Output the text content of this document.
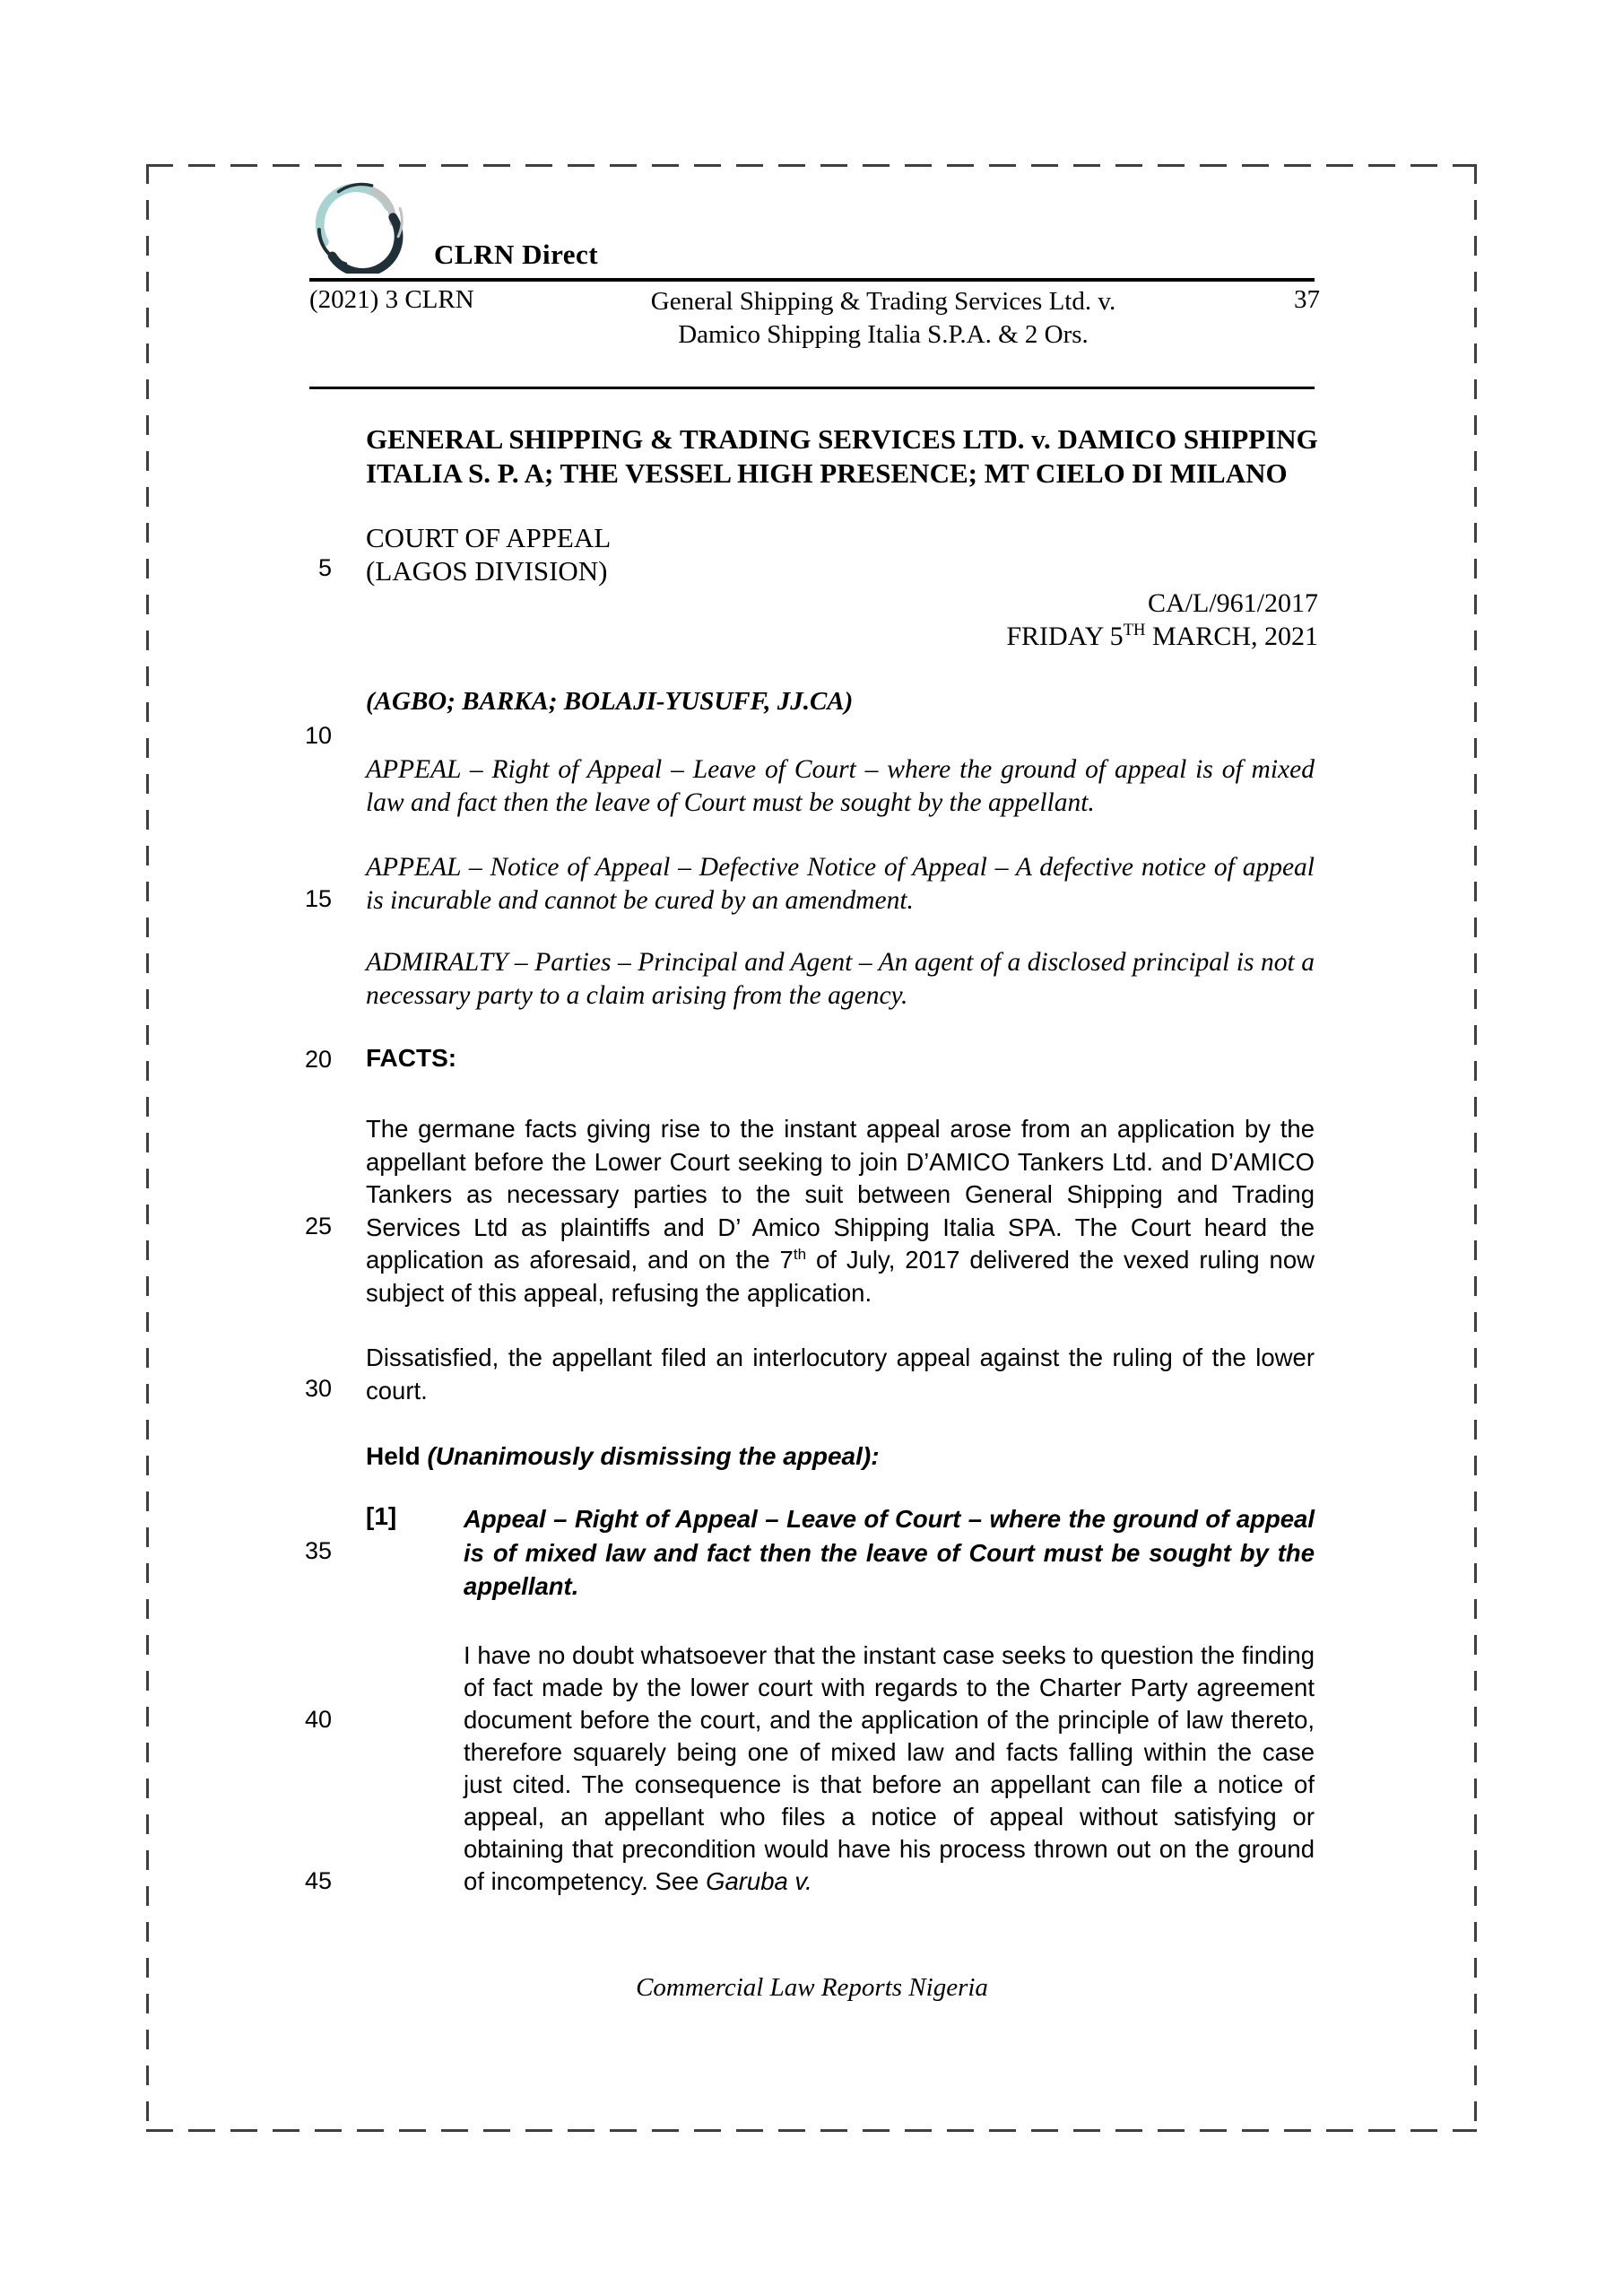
CLRN Direct
(2021) 3 CLRN	General Shipping & Trading Services Ltd. v.
Damico Shipping Italia S.P.A. & 2 Ors.
37
GENERAL SHIPPING & TRADING SERVICES LTD. v. DAMICO SHIPPING
ITALIA S. P. A; THE VESSEL HIGH PRESENCE; MT CIELO DI MILANO
COURT OF APPEAL
(LAGOS DIVISION)
CA/L/961/2017
FRIDAY 5TH MARCH, 2021
(AGBO; BARKA; BOLAJI-YUSUFF, JJ.CA)
APPEAL – Right of Appeal – Leave of Court – where the ground of appeal is of mixed law and fact then the leave of Court must be sought by the appellant.
APPEAL – Notice of Appeal – Defective Notice of Appeal – A defective notice of appeal is incurable and cannot be cured by an amendment.
ADMIRALTY – Parties – Principal and Agent – An agent of a disclosed principal is not a necessary party to a claim arising from the agency.
FACTS:
The germane facts giving rise to the instant appeal arose from an application by the appellant before the Lower Court seeking to join D’AMICO Tankers Ltd. and D’AMICO Tankers as necessary parties to the suit between General Shipping and Trading Services Ltd as plaintiffs and D’ Amico Shipping Italia SPA. The Court heard the application as aforesaid, and on the 7th of July, 2017 delivered the vexed ruling now subject of this appeal, refusing the application.
Dissatisfied, the appellant filed an interlocutory appeal against the ruling of the lower court.
Held (Unanimously dismissing the appeal):
[1]	Appeal – Right of Appeal – Leave of Court – where the ground of appeal is of mixed law and fact then the leave of Court must be sought by the appellant.
I have no doubt whatsoever that the instant case seeks to question the finding of fact made by the lower court with regards to the Charter Party agreement document before the court, and the application of the principle of law thereto, therefore squarely being one of mixed law and facts falling within the case just cited. The consequence is that before an appellant can file a notice of appeal, an appellant who files a notice of appeal without satisfying or obtaining that precondition would have his process thrown out on the ground of incompetency. See Garuba v.
5
10
15
20
25
30
35
40
45
Commercial Law Reports Nigeria
